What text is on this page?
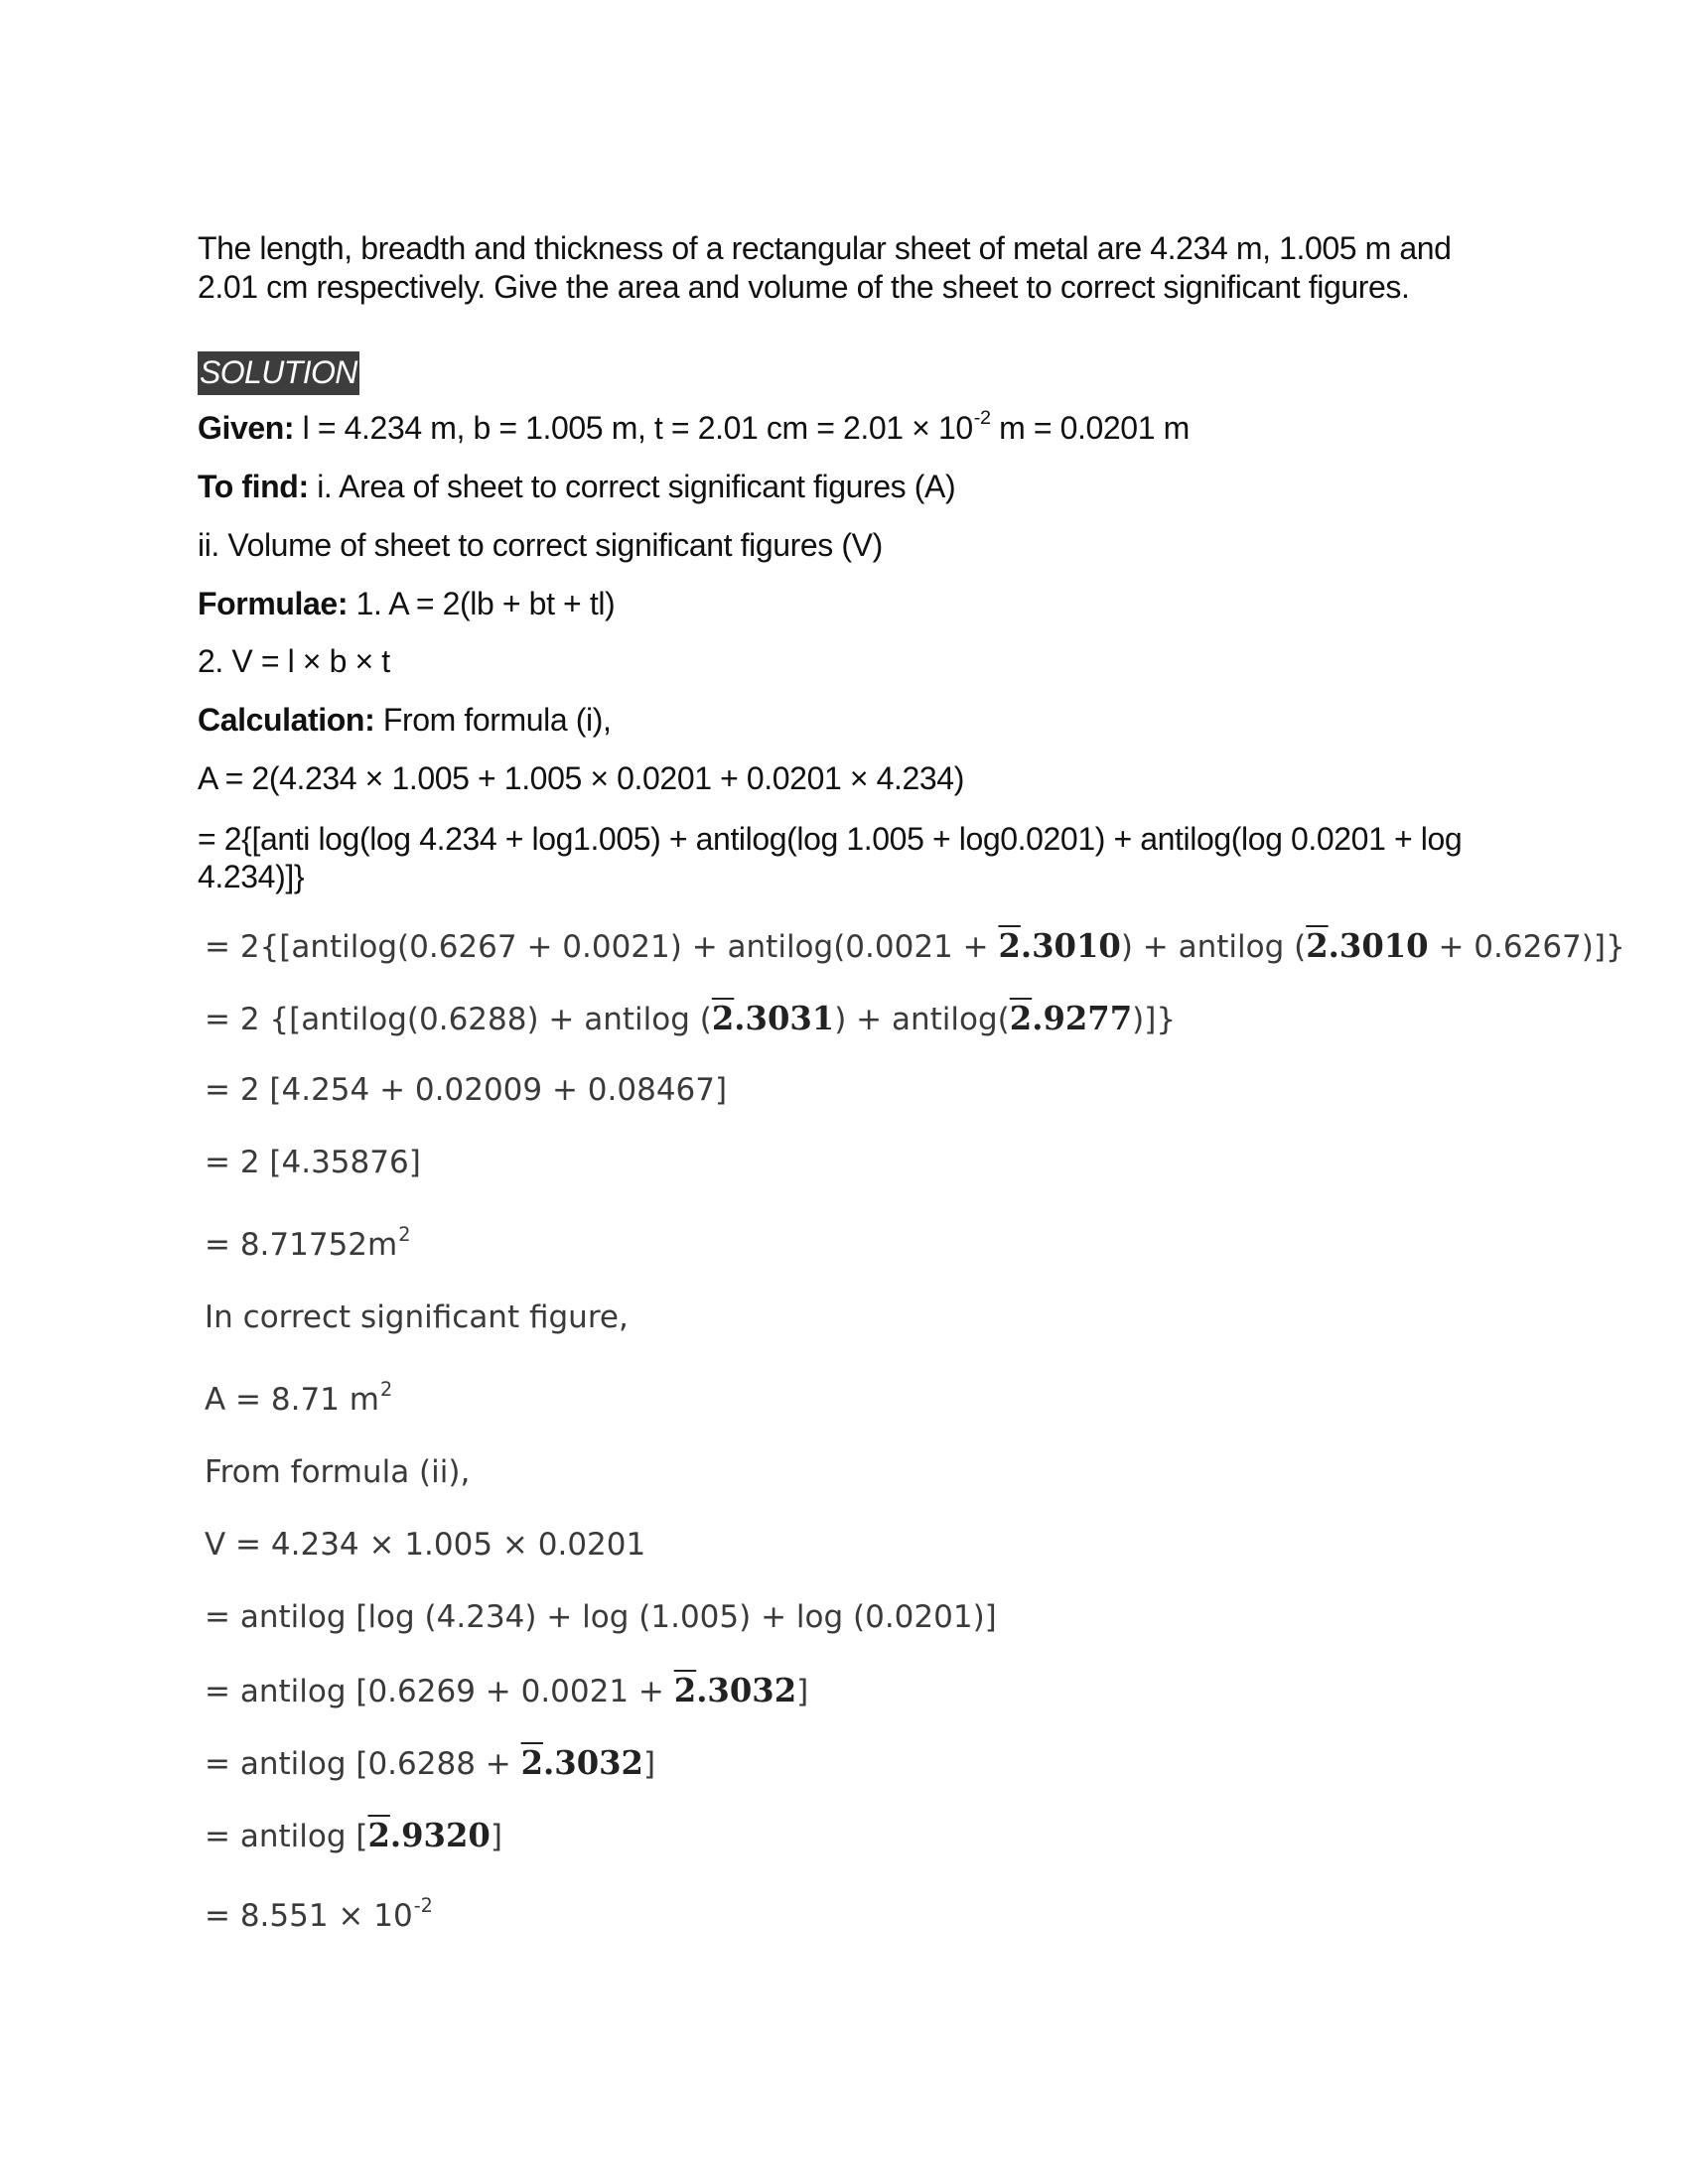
The length, breadth and thickness of a rectangular sheet of metal are 4.234 m, 1.005 m and 2.01 cm respectively. Give the area and volume of the sheet to correct significant figures.

SOLUTION

Given: l = 4.234 m, b = 1.005 m, t = 2.01 cm = $2.01 \times 10^{-2}$ m = 0.0201 m

To find: i. Area of sheet to correct significant figures (A)

ii. Volume of sheet to correct significant figures (V)

Formulae: 1. A = 2(lb + bt + tl)

2. V = l × b × t

Calculation: From formula (i),

A = 2(4.234 × 1.005 + 1.005 × 0.0201 + 0.0201 × 4.234)

= 2{[anti log(log 4.234 + log1.005) + antilog(log 1.005 + log0.0201) + antilog(log 0.0201 + log 4.234)]}

= 2{[antilog(0.6267 + 0.0021) + antilog(0.0021 + 2.3010) + antilog (2.3010 + 0.6267)]}

= 2 {[antilog(0.6288) + antilog (2.3031) + antilog(2.9277)]}

= 2 [4.254 + 0.02009 + 0.08467]

= 2 [4.35876]

= $8.71752m^2$

In correct significant figure,

A = 8.71 $m^2$

From formula (ii),

V = 4.234 × 1.005 × 0.0201

= antilog [log (4.234) + log (1.005) + log (0.0201)]

= antilog [0.6269 + 0.0021 + 2.3032]

= antilog [0.6288 + 2.3032]

= antilog [2.9320]

= $8.551 \times 10^{-2}$
